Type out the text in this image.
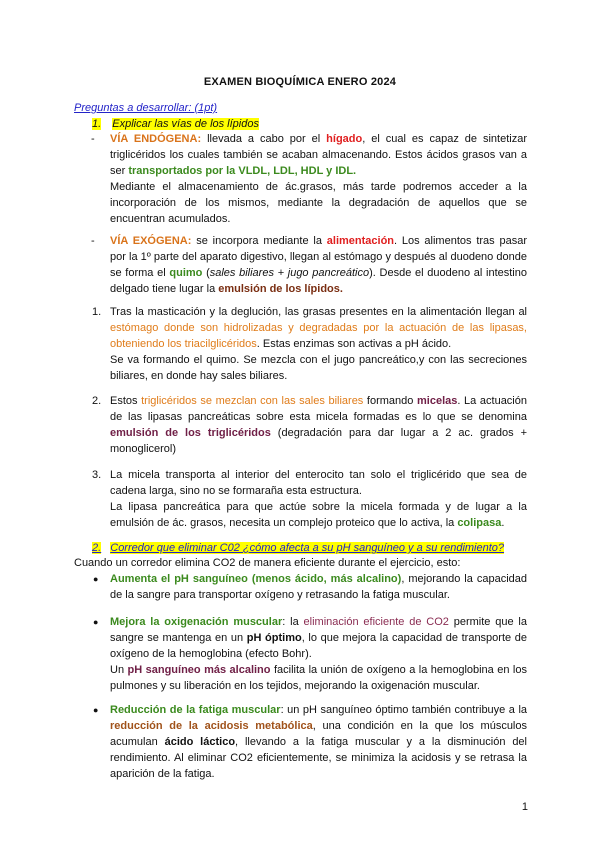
EXAMEN BIOQUÍMICA ENERO 2024
Preguntas a desarrollar: (1pt)
1. Explicar las vías de los lípidos
- VÍA ENDÓGENA: llevada a cabo por el hígado, el cual es capaz de sintetizar triglicéridos los cuales también se acaban almacenando. Estos ácidos grasos van a ser transportados por la VLDL, LDL, HDL y IDL.

Mediante el almacenamiento de ác.grasos, más tarde podremos acceder a la incorporación de los mismos, mediante la degradación de aquellos que se encuentran acumulados.

- VÍA EXÓGENA: se incorpora mediante la alimentación. Los alimentos tras pasar por la 1º parte del aparato digestivo, llegan al estómago y después al duodeno donde se forma el quimo (sales biliares + jugo pancreático). Desde el duodeno al intestino delgado tiene lugar la emulsión de los lípidos.

1. Tras la masticación y la deglución, las grasas presentes en la alimentación llegan al estómago donde son hidrolizadas y degradadas por la actuación de las lipasas, obteniendo los triacilglicéridos. Estas enzimas son activas a pH ácido.

Se va formando el quimo. Se mezcla con el jugo pancreático,y con las secreciones biliares, en donde hay sales biliares.

2. Estos triglicéridos se mezclan con las sales biliares formando micelas. La actuación de las lipasas pancreáticas sobre esta micela formadas es lo que se denomina emulsión de los triglicéridos (degradación para dar lugar a 2 ac. grados + monoglicerol)

3. La micela transporta al interior del enterocito tan solo el triglicérido que sea de cadena larga, sino no se formaraña esta estructura.

La lipasa pancreática para que actúe sobre la micela formada y de lugar a la emulsión de ác. grasos, necesita un complejo proteico que lo activa, la colipasa.

2. Corredor que eliminar C02 ¿cómo afecta a su pH sanguíneo y a su rendimiento?
Cuando un corredor elimina CO2 de manera eficiente durante el ejercicio, esto:
● Aumenta el pH sanguíneo (menos ácido, más alcalino), mejorando la capacidad de la sangre para transportar oxígeno y retrasando la fatiga muscular.

● Mejora la oxigenación muscular: la eliminación eficiente de CO2 permite que la sangre se mantenga en un pH óptimo, lo que mejora la capacidad de transporte de oxígeno de la hemoglobina (efecto Bohr).

Un pH sanguíneo más alcalino facilita la unión de oxígeno a la hemoglobina en los pulmones y su liberación en los tejidos, mejorando la oxigenación muscular.

● Reducción de la fatiga muscular: un pH sanguíneo óptimo también contribuye a la reducción de la acidosis metabólica, una condición en la que los músculos acumulan ácido láctico, llevando a la fatiga muscular y a la disminución del rendimiento. Al eliminar CO2 eficientemente, se minimiza la acidosis y se retrasa la aparición de la fatiga.

1
